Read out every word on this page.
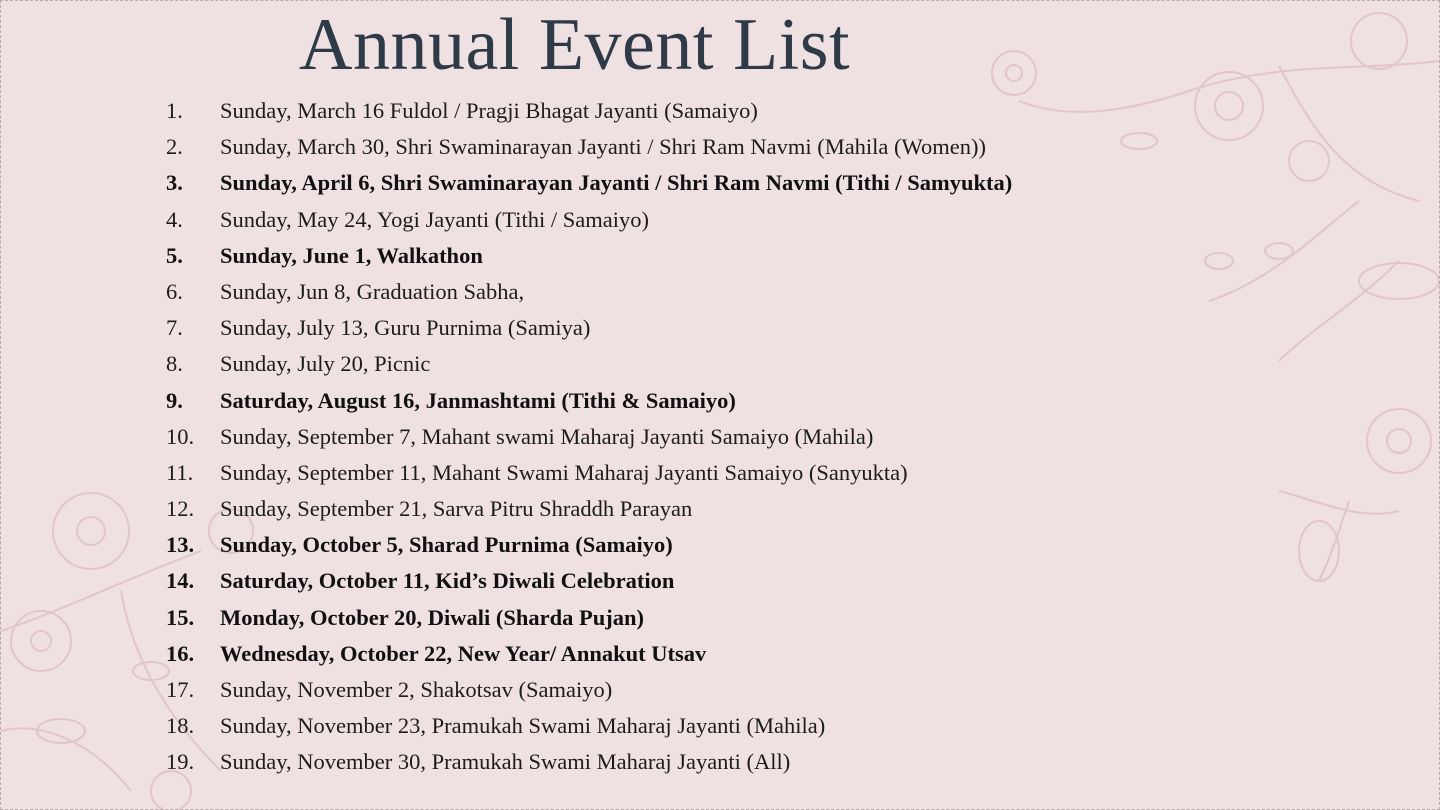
Annual Event List
1.	Sunday, March 16 Fuldol / Pragji Bhagat Jayanti (Samaiyo)
2.	Sunday, March 30, Shri Swaminarayan Jayanti / Shri Ram Navmi (Mahila (Women))
3.	Sunday, April 6, Shri Swaminarayan Jayanti / Shri Ram Navmi (Tithi / Samyukta)
4.	Sunday, May 24, Yogi Jayanti (Tithi / Samaiyo)
5.	Sunday, June 1, Walkathon
6.	Sunday, Jun 8, Graduation Sabha,
7.	Sunday, July 13, Guru Purnima (Samiya)
8.	Sunday, July 20, Picnic
9.	Saturday, August 16, Janmashtami (Tithi & Samaiyo)
10.	Sunday, September 7, Mahant swami Maharaj Jayanti Samaiyo (Mahila)
11.	Sunday, September 11, Mahant Swami Maharaj Jayanti Samaiyo (Sanyukta)
12.	Sunday, September 21, Sarva Pitru Shraddh Parayan
13.	Sunday, October 5, Sharad Purnima (Samaiyo)
14.	Saturday, October 11, Kid’s Diwali Celebration
15.	Monday, October 20, Diwali (Sharda Pujan)
16.	Wednesday, October 22, New Year/ Annakut Utsav
17.	Sunday, November 2, Shakotsav (Samaiyo)
18.	Sunday, November 23, Pramukah Swami Maharaj Jayanti (Mahila)
19.	Sunday, November 30, Pramukah Swami Maharaj Jayanti (All)
